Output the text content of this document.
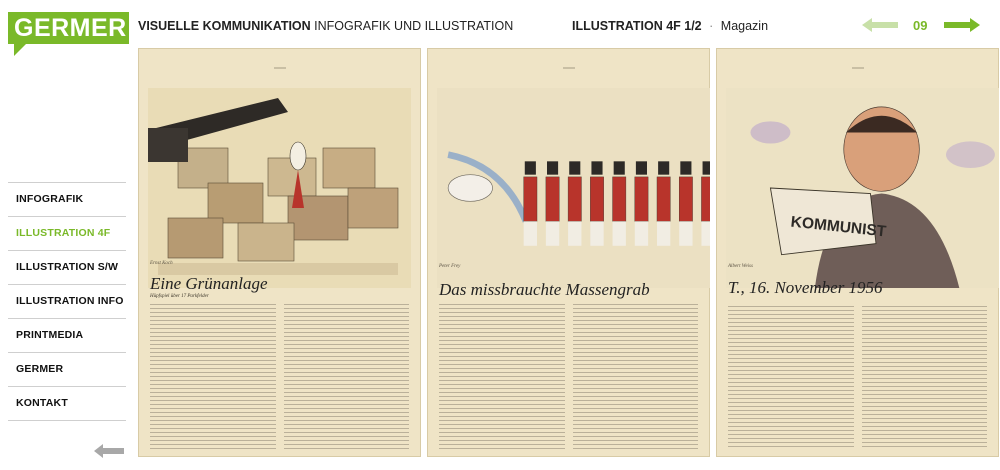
GERMER VISUELLE KOMMUNIKATION INFOGRAFIK UND ILLUSTRATION	ILLUSTRATION 4F 1/2 · Magazin	09
INFOGRAFIK
ILLUSTRATION 4F
ILLUSTRATION S/W
ILLUSTRATION INFO
PRINTMEDIA
GERMER
KONTAKT
Ernst Koch
Eine Grünanlage
Hüpfspiel über 17 Parkfelder
Peter Frey
Das missbrauchte Massengrab
KOMMUNIST
Albert Weiss
T., 16. November 1956
